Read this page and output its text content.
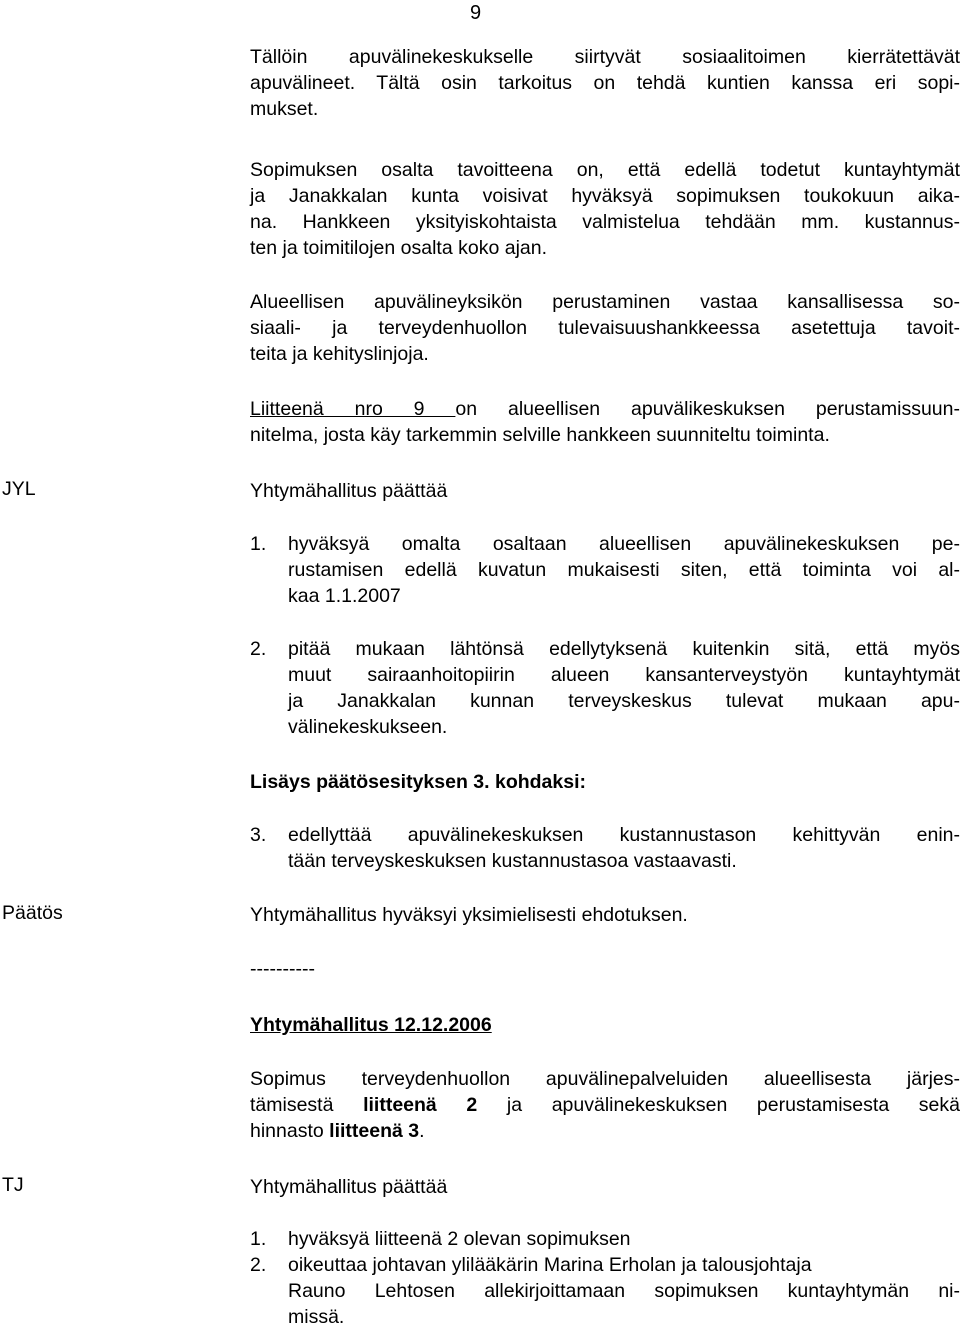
9
Tällöin apuvälinekeskukselle siirtyvät sosiaalitoimen kierrätettävät
apuvälineet. Tältä osin tarkoitus on tehdä kuntien kanssa eri sopi-
mukset.
Sopimuksen osalta tavoitteena on, että edellä todetut kuntayhtymät
ja Janakkalan kunta voisivat hyväksyä sopimuksen toukokuun aika-
na. Hankkeen yksityiskohtaista valmistelua tehdään mm. kustannus-
ten ja toimitilojen osalta koko ajan.
Alueellisen apuvälineyksikön perustaminen vastaa kansallisessa so-
siaali- ja terveydenhuollon tulevaisuushankkeessa asetettuja tavoit-
teita ja kehityslinjoja.
Liitteenä nro 9 on alueellisen apuvälikeskuksen perustamissuun-
nitelma, josta käy tarkemmin selville hankkeen suunniteltu toiminta.
JYL	Yhtymähallitus päättää
1. hyväksyä omalta osaltaan alueellisen apuvälinekeskuksen pe-
rustamisen edellä kuvatun mukaisesti siten, että toiminta voi al-
kaa 1.1.2007
2. pitää mukaan lähtönsä edellytyksenä kuitenkin sitä, että myös
muut sairaanhoitopiirin alueen kansanterveystyön kuntayhtymät
ja Janakkalan kunnan terveyskeskus tulevat mukaan apu-
välinekeskukseen.
Lisäys päätösesityksen 3. kohdaksi:
3. edellyttää apuvälinekeskuksen kustannustason kehittyvän enin-
tään terveyskeskuksen kustannustasoa vastaavasti.
Päätös	Yhtymähallitus hyväksyi yksimielisesti ehdotuksen.
----------
Yhtymähallitus 12.12.2006
Sopimus terveydenhuollon apuvälinepalveluiden alueellisesta järjes-
tämisestä liitteenä 2 ja apuvälinekeskuksen perustamisesta sekä
hinnasto liitteenä 3.
TJ	Yhtymähallitus päättää
1. hyväksyä liitteenä 2 olevan sopimuksen
2. oikeuttaa johtavan ylilääkärin Marina Erholan ja talousjohtaja
Rauno Lehtosen allekirjoittamaan sopimuksen kuntayhtymän ni-
missä.
